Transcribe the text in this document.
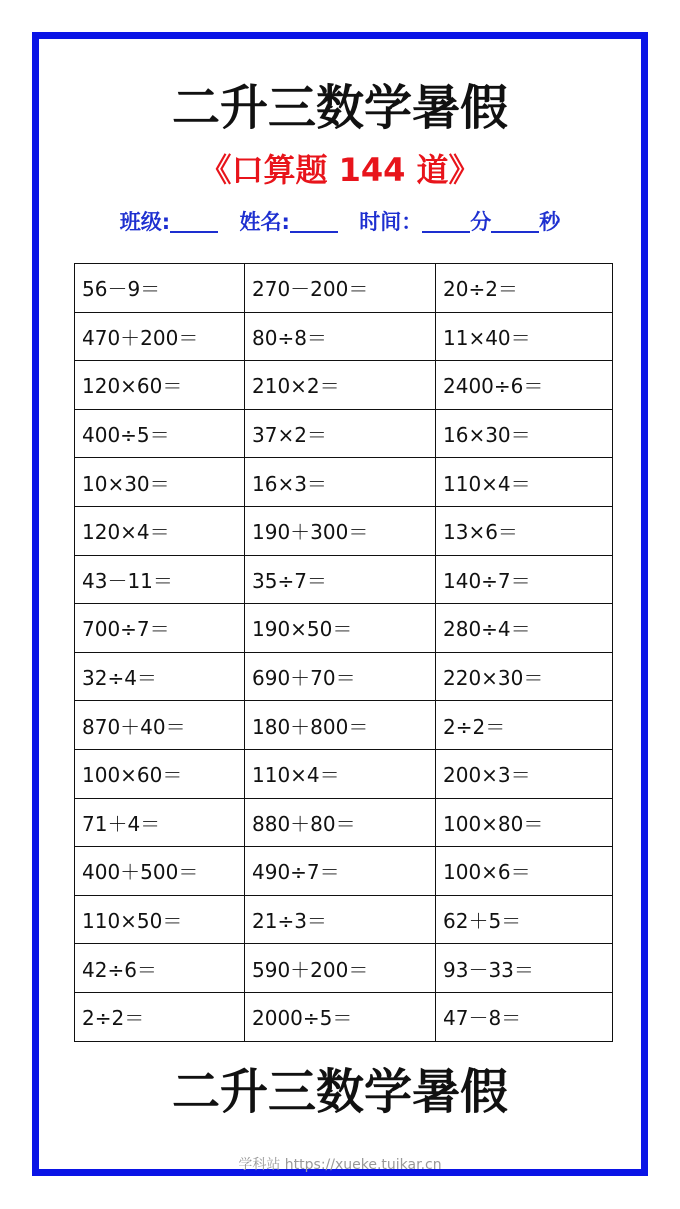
二升三数学暑假
《口算题 144 道》
班级:	姓名:	时间： 分 秒
56－9＝	270－200＝	20÷2＝
470＋200＝	80÷8＝	11×40＝
120×60＝	210×2＝	2400÷6＝
400÷5＝	37×2＝	16×30＝
10×30＝	16×3＝	110×4＝
120×4＝	190＋300＝	13×6＝
43－11＝	35÷7＝	140÷7＝
700÷7＝	190×50＝	280÷4＝
32÷4＝	690＋70＝	220×30＝
870＋40＝	180＋800＝	2÷2＝
100×60＝	110×4＝	200×3＝
71＋4＝	880＋80＝	100×80＝
400＋500＝	490÷7＝	100×6＝
110×50＝	21÷3＝	62＋5＝
42÷6＝	590＋200＝	93－33＝
2÷2＝	2000÷5＝	47－8＝
二升三数学暑假
学科站 https://xueke.tuikar.cn
